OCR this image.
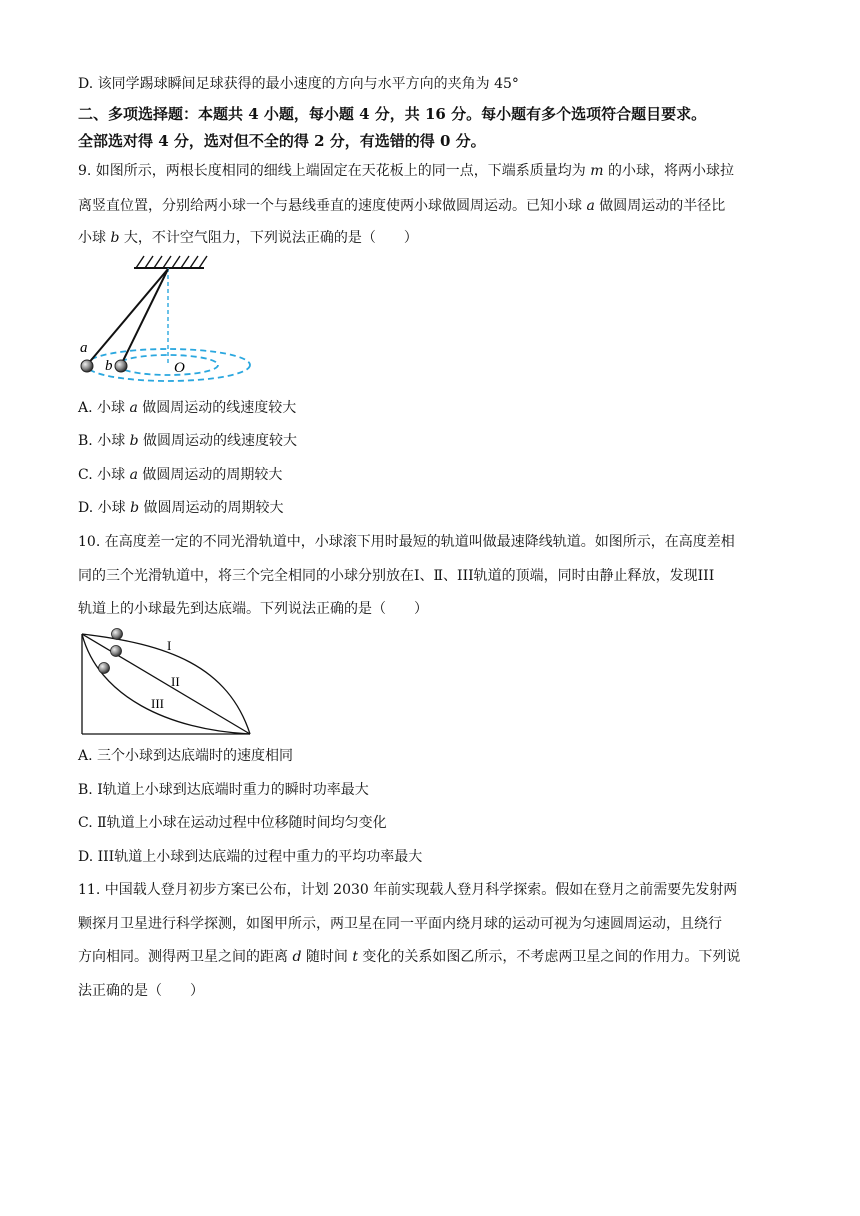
D. 该同学踢球瞬间足球获得的最小速度的方向与水平方向的夹角为 45°
二、多项选择题：本题共 4 小题，每小题 4 分，共 16 分。每小题有多个选项符合题目要求。
全部选对得 4 分，选对但不全的得 2 分，有选错的得 0 分。
9. 如图所示，两根长度相同的细线上端固定在天花板上的同一点，下端系质量均为 m 的小球，将两小球拉
离竖直位置，分别给两小球一个与悬线垂直的速度使两小球做圆周运动。已知小球 a 做圆周运动的半径比
小球 b 大，不计空气阻力，下列说法正确的是（　　）
a
b	O
A. 小球 a 做圆周运动的线速度较大
B. 小球 b 做圆周运动的线速度较大
C. 小球 a 做圆周运动的周期较大
D. 小球 b 做圆周运动的周期较大
10. 在高度差一定的不同光滑轨道中，小球滚下用时最短的轨道叫做最速降线轨道。如图所示，在高度差相
同的三个光滑轨道中，将三个完全相同的小球分别放在Ⅰ、Ⅱ、III轨道的顶端，同时由静止释放，发现III
轨道上的小球最先到达底端。下列说法正确的是（　　）
I
II
III
A. 三个小球到达底端时的速度相同
B. Ⅰ轨道上小球到达底端时重力的瞬时功率最大
C. Ⅱ轨道上小球在运动过程中位移随时间均匀变化
D. III轨道上小球到达底端的过程中重力的平均功率最大
11. 中国载人登月初步方案已公布，计划 2030 年前实现载人登月科学探索。假如在登月之前需要先发射两
颗探月卫星进行科学探测，如图甲所示，两卫星在同一平面内绕月球的运动可视为匀速圆周运动，且绕行
方向相同。测得两卫星之间的距离 d 随时间 t 变化的关系如图乙所示，不考虑两卫星之间的作用力。下列说
法正确的是（　　）
